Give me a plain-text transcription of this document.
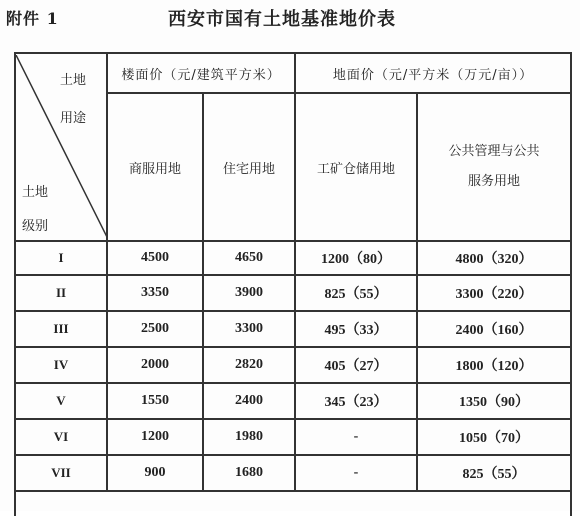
附件 1	西安市国有土地基准地价表
土地
用途
土地
级别	楼面价（元/建筑平方米）		地面价（元/平方米（万元/亩））	
	商服用地	住宅用地	工矿仓储用地	公共管理与公共
服务用地

I	4500	4650	1200（80）	4800（320）
II	3350	3900	825（55）	3300（220）
III	2500	3300	495（33）	2400（160）
IV	2000	2820	405（27）	1800（120）
V	1550	2400	345（23）	1350（90）
VI	1200	1980	-	1050（70）
VII	900	1680	-	825（55）
